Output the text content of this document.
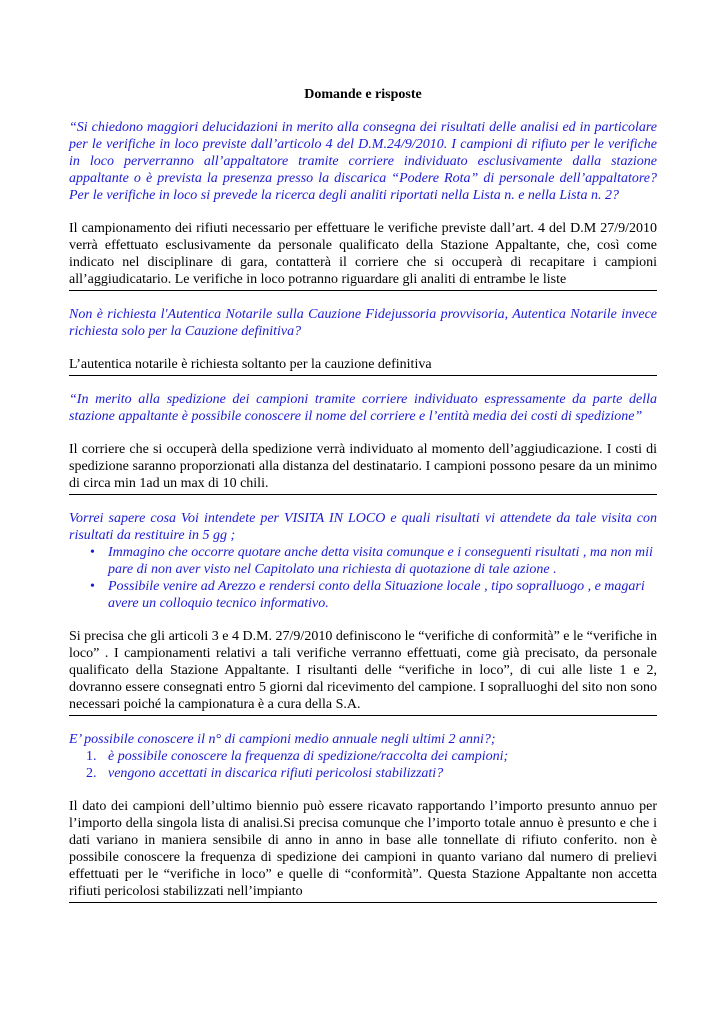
Domande e risposte

“Si chiedono maggiori delucidazioni in merito alla consegna dei risultati delle analisi ed in particolare per le verifiche in loco previste dall’articolo 4 del D.M.24/9/2010. I campioni di rifiuto per le verifiche in loco perverranno all’appaltatore tramite corriere individuato esclusivamente dalla stazione appaltante o è prevista la presenza presso la discarica “Podere Rota” di personale dell’appaltatore? Per le verifiche in loco si prevede la ricerca degli analiti riportati nella Lista n. e nella Lista n. 2?

Il campionamento dei rifiuti necessario per effettuare le verifiche previste dall’art. 4 del D.M 27/9/2010 verrà effettuato esclusivamente da personale qualificato della Stazione Appaltante, che, così come indicato nel disciplinare di gara, contatterà il corriere che si occuperà di recapitare i campioni all’aggiudicatario. Le verifiche in loco potranno riguardare gli analiti di entrambe le liste

Non è richiesta l'Autentica Notarile sulla Cauzione Fidejussoria provvisoria, Autentica Notarile invece richiesta solo per la Cauzione definitiva?

L’autentica notarile è richiesta soltanto per la cauzione definitiva

“In merito alla spedizione dei campioni tramite corriere individuato espressamente da parte della stazione appaltante è possibile conoscere il nome del corriere e l’entità media dei costi di spedizione”

Il corriere che si occuperà della spedizione verrà individuato al momento dell’aggiudicazione. I costi di spedizione saranno proporzionati alla distanza del destinatario. I campioni possono pesare da un minimo di circa min 1ad un max di 10 chili.

Vorrei sapere cosa Voi intendete per VISITA IN LOCO e quali risultati vi attendete da tale visita con risultati da restituire in 5 gg ;

• Immagino che occorre quotare anche detta visita comunque e i conseguenti risultati , ma non mii pare di non aver visto nel Capitolato una richiesta di quotazione di tale azione .
• Possibile venire ad Arezzo e rendersi conto della Situazione locale , tipo sopralluogo , e magari avere un colloquio tecnico informativo.

Si precisa che gli articoli 3 e 4 D.M. 27/9/2010 definiscono le “verifiche di conformità” e le “verifiche in loco” . I campionamenti relativi a tali verifiche verranno effettuati, come già precisato, da personale qualificato della Stazione Appaltante. I risultanti delle “verifiche in loco”, di cui alle liste 1 e 2, dovranno essere consegnati entro 5 giorni dal ricevimento del campione. I sopralluoghi del sito non sono necessari poiché la campionatura è a cura della S.A.

E’ possibile conoscere il n° di campioni medio annuale negli ultimi 2 anni?;

1. è possibile conoscere la frequenza di spedizione/raccolta dei campioni;
2. vengono accettati in discarica rifiuti pericolosi stabilizzati?

Il dato dei campioni dell’ultimo biennio può essere ricavato rapportando l’importo presunto annuo per l’importo della singola lista di analisi.Si precisa comunque che l’importo totale annuo è presunto e che i dati variano in maniera sensibile di anno in anno in base alle tonnellate di rifiuto conferito. non è possibile conoscere la frequenza di spedizione dei campioni in quanto variano dal numero di prelievi effettuati per le “verifiche in loco” e quelle di “conformità”. Questa Stazione Appaltante non accetta rifiuti pericolosi stabilizzati nell’impianto
